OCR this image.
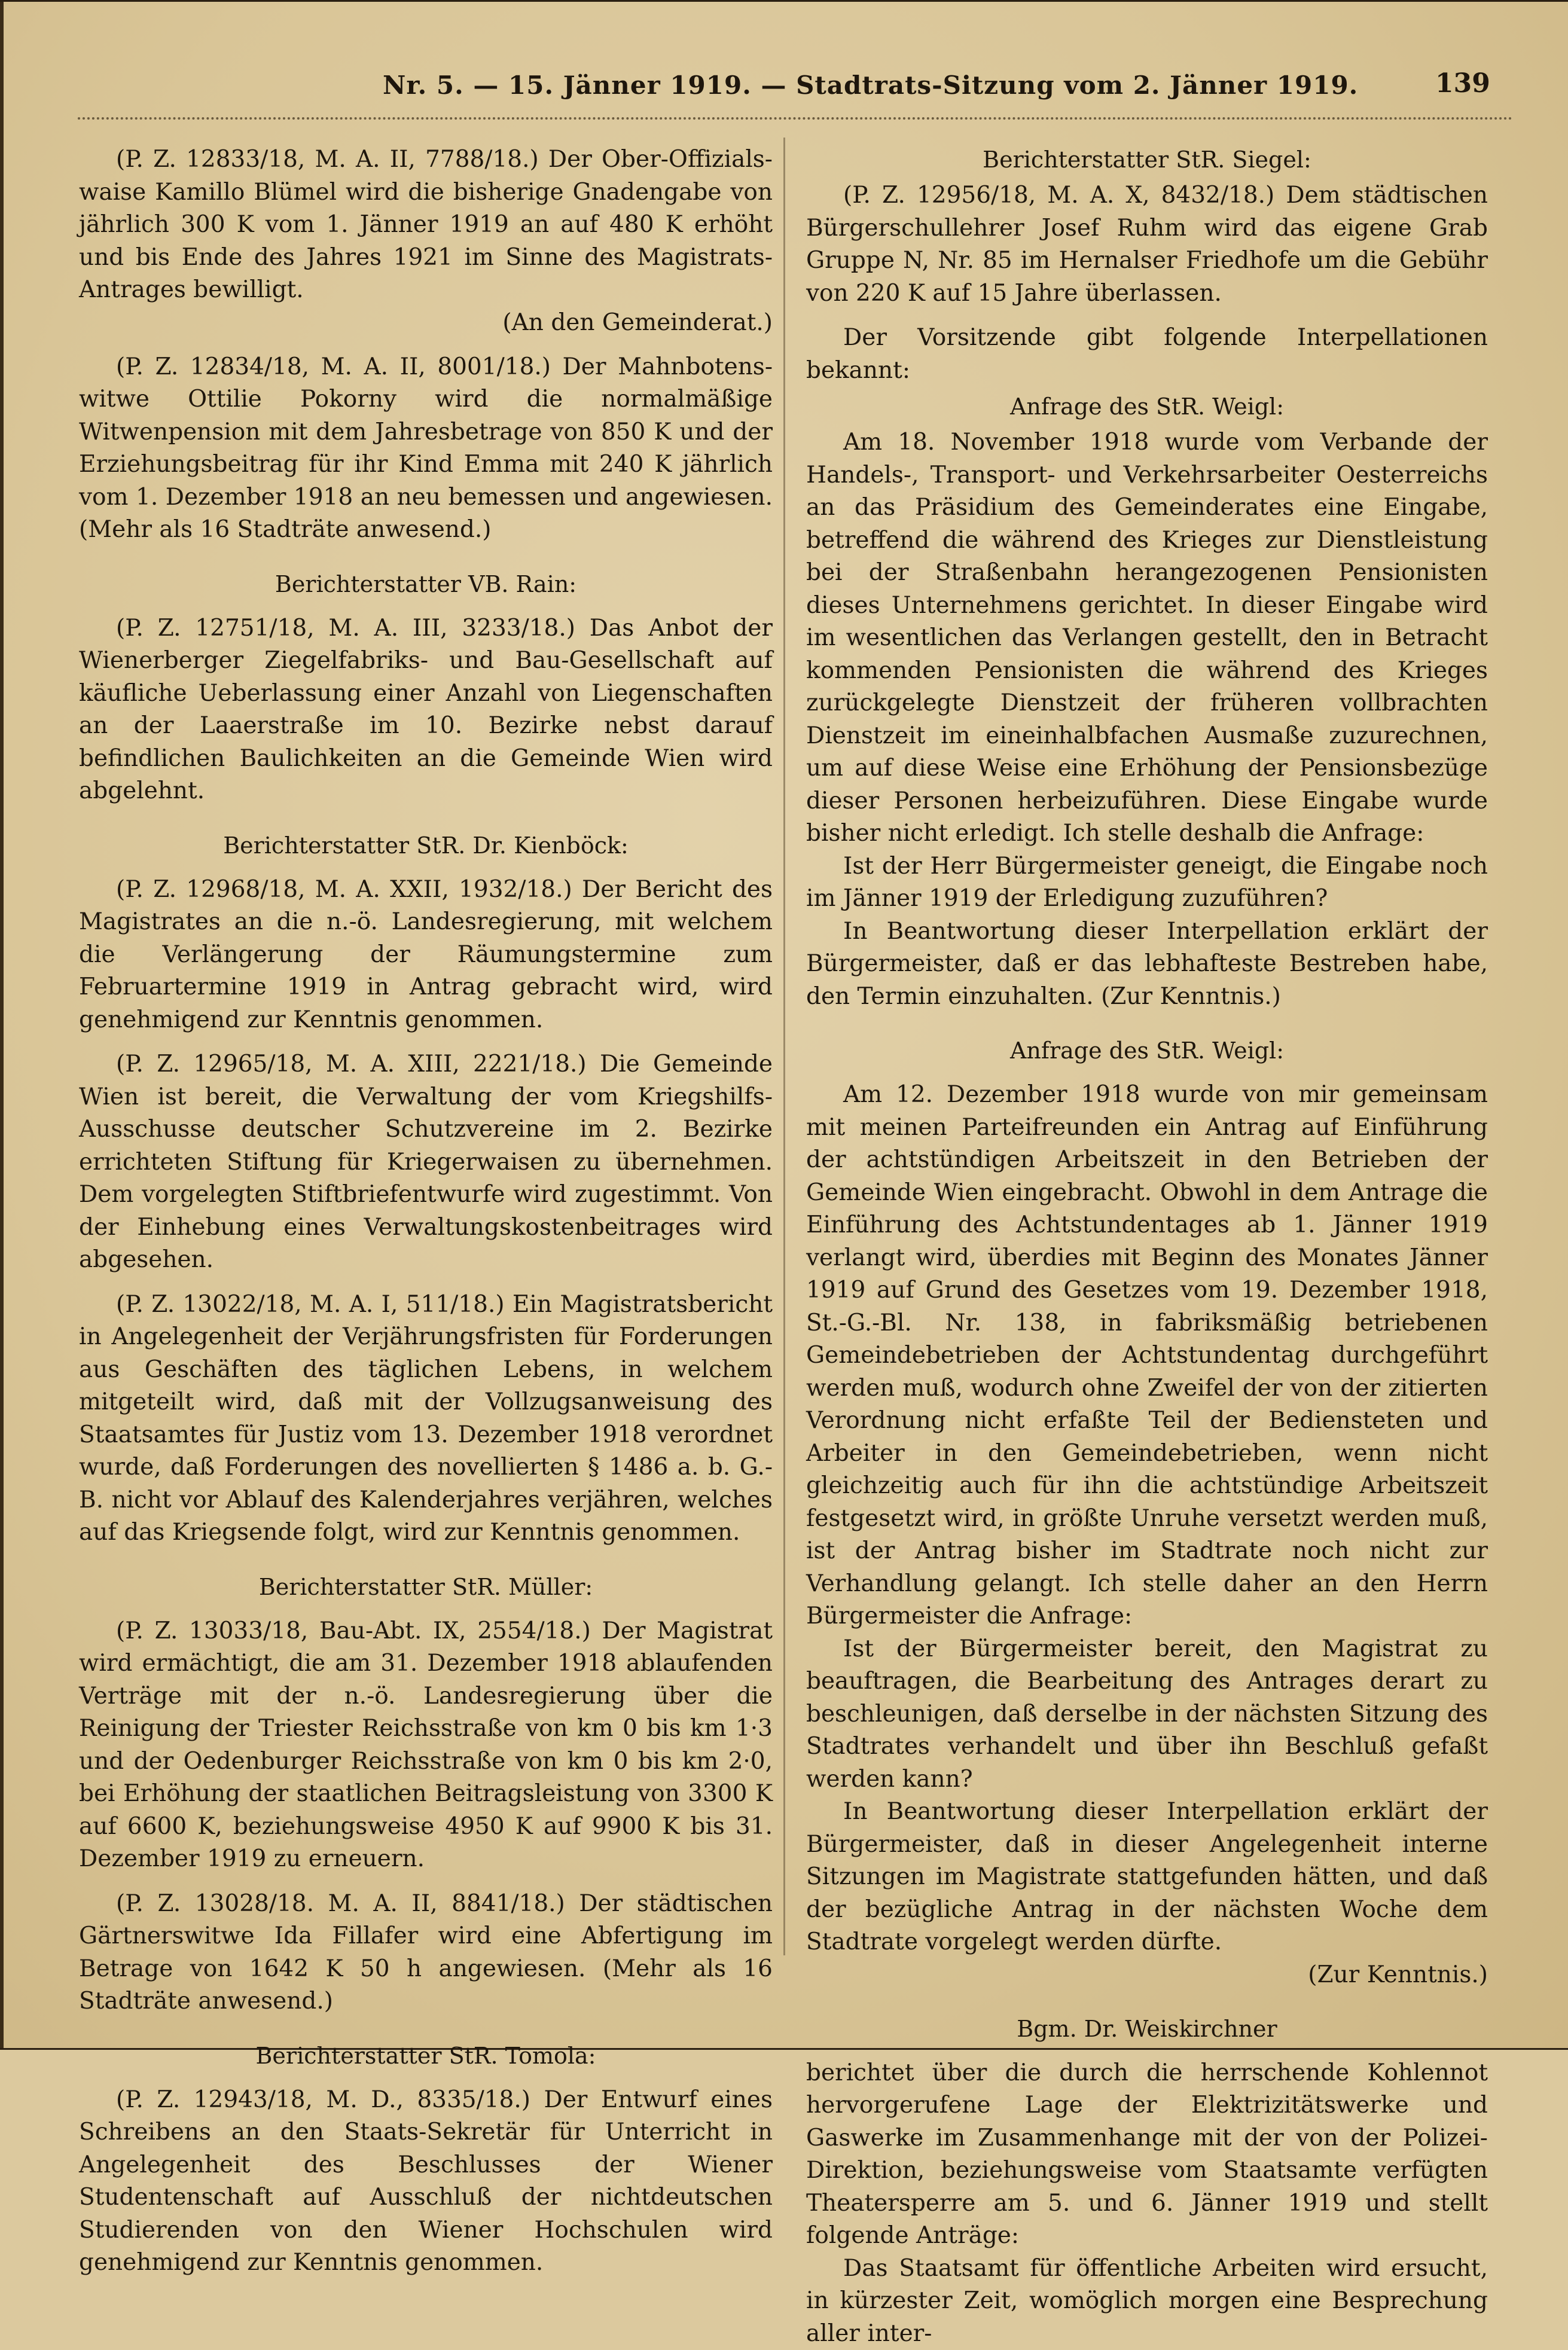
Nr. 5. — 15. Jänner 1919. — Stadtrats-Sitzung vom 2. Jänner 1919.	139

(P. Z. 12833/18, M. A. II, 7788/18.) Der Ober-Offizials-waise Kamillo Blümel wird die bisherige Gnadengabe von jährlich 300 K vom 1. Jänner 1919 an auf 480 K erhöht und bis Ende des Jahres 1921 im Sinne des Magistrats-Antrages bewilligt.

(An den Gemeinderat.)

(P. Z. 12834/18, M. A. II, 8001/18.) Der Mahnbotens-witwe Ottilie Pokorny wird die normalmäßige Witwenpension mit dem Jahresbetrage von 850 K und der Erziehungsbeitrag für ihr Kind Emma mit 240 K jährlich vom 1. Dezember 1918 an neu bemessen und angewiesen. (Mehr als 16 Stadträte anwesend.)

Berichterstatter VB. Rain:

(P. Z. 12751/18, M. A. III, 3233/18.) Das Anbot der Wienerberger Ziegelfabriks- und Bau-Gesellschaft auf käufliche Ueberlassung einer Anzahl von Liegenschaften an der Laaerstraße im 10. Bezirke nebst darauf befindlichen Baulichkeiten an die Gemeinde Wien wird abgelehnt.

Berichterstatter StR. Dr. Kienböck:

(P. Z. 12968/18, M. A. XXII, 1932/18.) Der Bericht des Magistrates an die n.-ö. Landesregierung, mit welchem die Verlängerung der Räumungstermine zum Februartermine 1919 in Antrag gebracht wird, wird genehmigend zur Kenntnis genommen.

(P. Z. 12965/18, M. A. XIII, 2221/18.) Die Gemeinde Wien ist bereit, die Verwaltung der vom Kriegshilfs-Ausschusse deutscher Schutzvereine im 2. Bezirke errichteten Stiftung für Kriegerwaisen zu übernehmen. Dem vorgelegten Stiftbriefentwurfe wird zugestimmt. Von der Einhebung eines Verwaltungskostenbeitrages wird abgesehen.

(P. Z. 13022/18, M. A. I, 511/18.) Ein Magistratsbericht in Angelegenheit der Verjährungsfristen für Forderungen aus Geschäften des täglichen Lebens, in welchem mitgeteilt wird, daß mit der Vollzugsanweisung des Staatsamtes für Justiz vom 13. Dezember 1918 verordnet wurde, daß Forderungen des novellierten § 1486 a. b. G.-B. nicht vor Ablauf des Kalenderjahres verjähren, welches auf das Kriegsende folgt, wird zur Kenntnis genommen.

Berichterstatter StR. Müller:

(P. Z. 13033/18, Bau-Abt. IX, 2554/18.) Der Magistrat wird ermächtigt, die am 31. Dezember 1918 ablaufenden Verträge mit der n.-ö. Landesregierung über die Reinigung der Triester Reichsstraße von km 0 bis km 1·3 und der Oedenburger Reichsstraße von km 0 bis km 2·0, bei Erhöhung der staatlichen Beitragsleistung von 3300 K auf 6600 K, beziehungsweise 4950 K auf 9900 K bis 31. Dezember 1919 zu erneuern.

(P. Z. 13028/18. M. A. II, 8841/18.) Der städtischen Gärtnerswitwe Ida Fillafer wird eine Abfertigung im Betrage von 1642 K 50 h angewiesen. (Mehr als 16 Stadträte anwesend.)

Berichterstatter StR. Tomola:

(P. Z. 12943/18, M. D., 8335/18.) Der Entwurf eines Schreibens an den Staats-Sekretär für Unterricht in Angelegenheit des Beschlusses der Wiener Studentenschaft auf Ausschluß der nichtdeutschen Studierenden von den Wiener Hochschulen wird genehmigend zur Kenntnis genommen.

Berichterstatter StR. Siegel:

(P. Z. 12956/18, M. A. X, 8432/18.) Dem städtischen Bürgerschullehrer Josef Ruhm wird das eigene Grab Gruppe N, Nr. 85 im Hernalser Friedhofe um die Gebühr von 220 K auf 15 Jahre überlassen.

Der Vorsitzende gibt folgende Interpellationen bekannt:

Anfrage des StR. Weigl:

Am 18. November 1918 wurde vom Verbande der Handels-, Transport- und Verkehrsarbeiter Oesterreichs an das Präsidium des Gemeinderates eine Eingabe, betreffend die während des Krieges zur Dienstleistung bei der Straßenbahn herangezogenen Pensionisten dieses Unternehmens gerichtet. In dieser Eingabe wird im wesentlichen das Verlangen gestellt, den in Betracht kommenden Pensionisten die während des Krieges zurückgelegte Dienstzeit der früheren vollbrachten Dienstzeit im eineinhalbfachen Ausmaße zuzurechnen, um auf diese Weise eine Erhöhung der Pensionsbezüge dieser Personen herbeizuführen. Diese Eingabe wurde bisher nicht erledigt. Ich stelle deshalb die Anfrage:

Ist der Herr Bürgermeister geneigt, die Eingabe noch im Jänner 1919 der Erledigung zuzuführen?

In Beantwortung dieser Interpellation erklärt der Bürgermeister, daß er das lebhafteste Bestreben habe, den Termin einzuhalten. (Zur Kenntnis.)

Anfrage des StR. Weigl:

Am 12. Dezember 1918 wurde von mir gemeinsam mit meinen Parteifreunden ein Antrag auf Einführung der achtstündigen Arbeitszeit in den Betrieben der Gemeinde Wien eingebracht. Obwohl in dem Antrage die Einführung des Achtstundentages ab 1. Jänner 1919 verlangt wird, überdies mit Beginn des Monates Jänner 1919 auf Grund des Gesetzes vom 19. Dezember 1918, St.-G.-Bl. Nr. 138, in fabriksmäßig betriebenen Gemeindebetrieben der Achtstundentag durchgeführt werden muß, wodurch ohne Zweifel der von der zitierten Verordnung nicht erfaßte Teil der Bediensteten und Arbeiter in den Gemeindebetrieben, wenn nicht gleichzeitig auch für ihn die achtstündige Arbeitszeit festgesetzt wird, in größte Unruhe versetzt werden muß, ist der Antrag bisher im Stadtrate noch nicht zur Verhandlung gelangt. Ich stelle daher an den Herrn Bürgermeister die Anfrage:

Ist der Bürgermeister bereit, den Magistrat zu beauftragen, die Bearbeitung des Antrages derart zu beschleunigen, daß derselbe in der nächsten Sitzung des Stadtrates verhandelt und über ihn Beschluß gefaßt werden kann?

In Beantwortung dieser Interpellation erklärt der Bürgermeister, daß in dieser Angelegenheit interne Sitzungen im Magistrate stattgefunden hätten, und daß der bezügliche Antrag in der nächsten Woche dem Stadtrate vorgelegt werden dürfte.

(Zur Kenntnis.)

Bgm. Dr. Weiskirchner

berichtet über die durch die herrschende Kohlennot hervorgerufene Lage der Elektrizitätswerke und Gaswerke im Zusammenhange mit der von der Polizei-Direktion, beziehungsweise vom Staatsamte verfügten Theatersperre am 5. und 6. Jänner 1919 und stellt folgende Anträge:

Das Staatsamt für öffentliche Arbeiten wird ersucht, in kürzester Zeit, womöglich morgen eine Besprechung aller inter-
